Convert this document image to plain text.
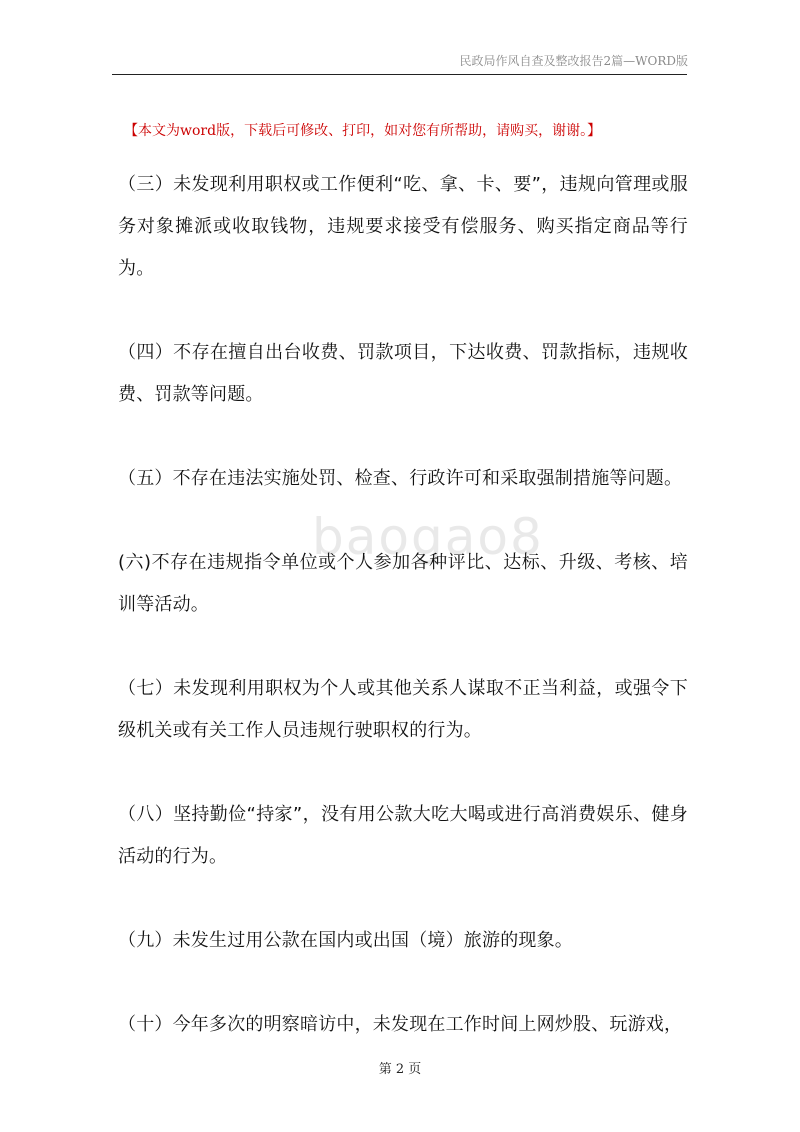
民政局作风自查及整改报告2篇—WORD版
【本文为word版，下载后可修改、打印，如对您有所帮助，请购买，谢谢。】
baogao8

（三）未发现利用职权或工作便利“吃、拿、卡、要”，违规向管理或服务对象摊派或收取钱物，违规要求接受有偿服务、购买指定商品等行为。

（四）不存在擅自出台收费、罚款项目，下达收费、罚款指标，违规收费、罚款等问题。

（五）不存在违法实施处罚、检查、行政许可和采取强制措施等问题。

(六)不存在违规指令单位或个人参加各种评比、达标、升级、考核、培训等活动。

（七）未发现利用职权为个人或其他关系人谋取不正当利益，或强令下级机关或有关工作人员违规行驶职权的行为。

（八）坚持勤俭“持家”，没有用公款大吃大喝或进行高消费娱乐、健身活动的行为。

（九）未发生过用公款在国内或出国（境）旅游的现象。

（十）今年多次的明察暗访中，未发现在工作时间上网炒股、玩游戏，

第 2 页
